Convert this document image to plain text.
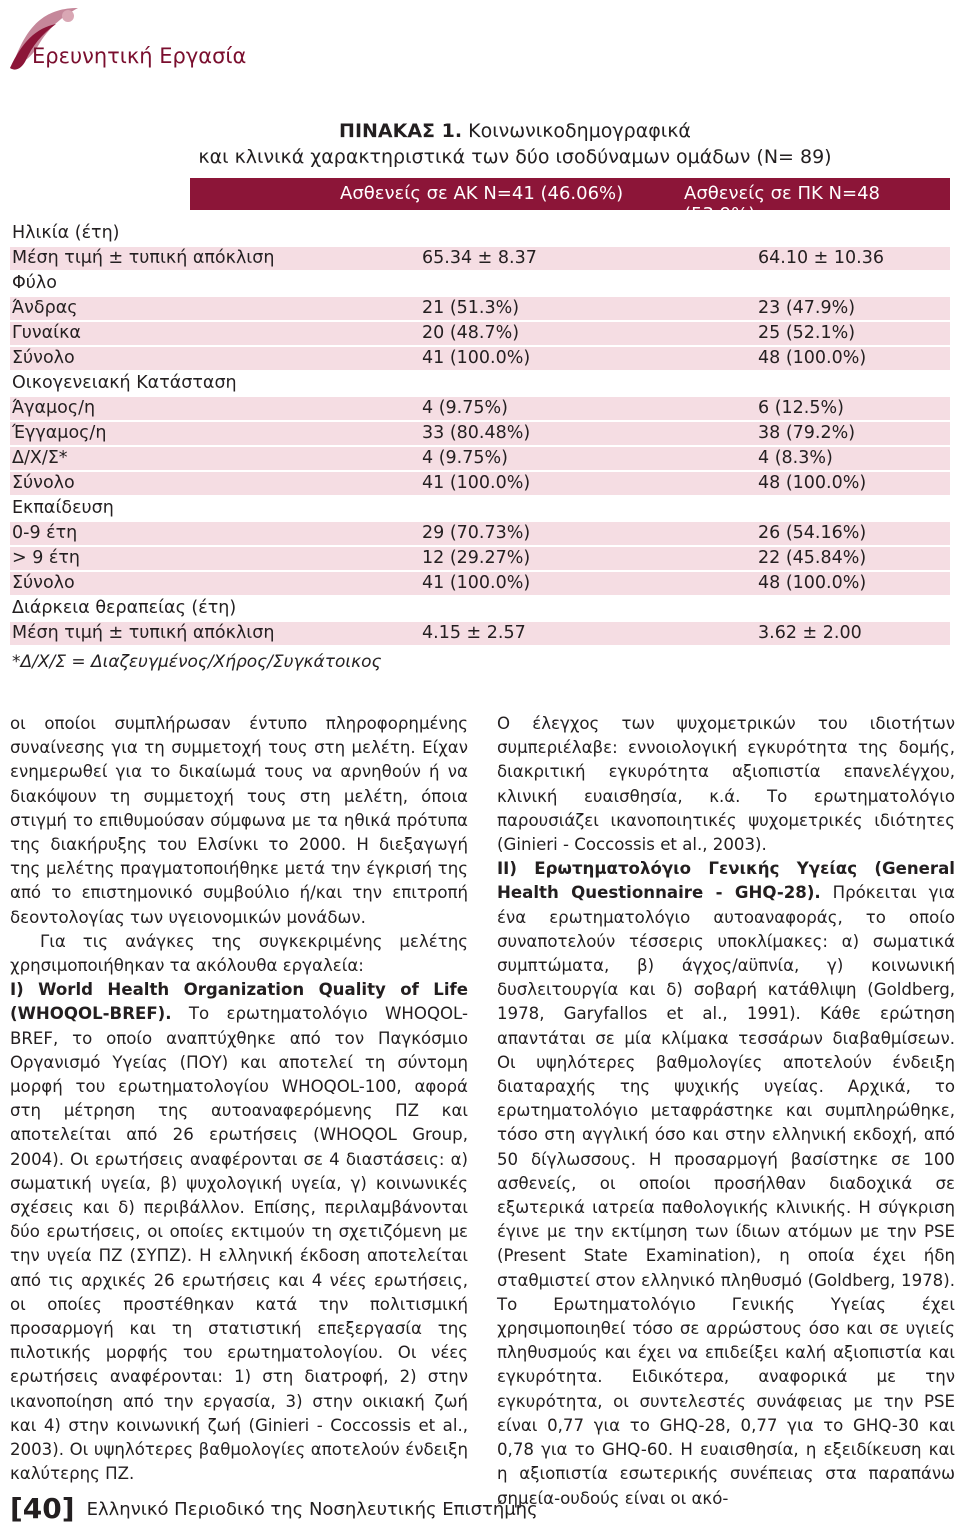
Ερευνητική Εργασία
ΠΙΝΑΚΑΣ 1. Κοινωνικοδημογραφικά
και κλινικά χαρακτηριστικά των δύο ισοδύναμων ομάδων (N= 89)
Ασθενείς σε ΑΚ N=41 (46.06%)	Ασθενείς σε ΠΚ N=48 (53.9%)
Ηλικία (έτη)
Μέση τιμή ± τυπική απόκλιση	65.34 ± 8.37	64.10 ± 10.36
Φύλο
Άνδρας	21 (51.3%)	23 (47.9%)
Γυναίκα	20 (48.7%)	25 (52.1%)
Σύνολο	41 (100.0%)	48 (100.0%)
Οικογενειακή Κατάσταση
Άγαμος/η	4 (9.75%)	6 (12.5%)
Έγγαμος/η	33 (80.48%)	38 (79.2%)
Δ/Χ/Σ*	4 (9.75%)	4 (8.3%)
Σύνολο	41 (100.0%)	48 (100.0%)
Εκπαίδευση
0-9 έτη	29 (70.73%)	26 (54.16%)
> 9 έτη	12 (29.27%)	22 (45.84%)
Σύνολο	41 (100.0%)	48 (100.0%)
Διάρκεια θεραπείας (έτη)
Μέση τιμή ± τυπική απόκλιση	4.15 ± 2.57	3.62 ± 2.00
*Δ/Χ/Σ = Διαζευγμένος/Χήρος/Συγκάτοικος

οι οποίοι συμπλήρωσαν έντυπο πληροφορημένης συναίνεσης για τη συμμετοχή τους στη μελέτη. Είχαν ενημερωθεί για το δικαίωμά τους να αρνηθούν ή να διακόψουν τη συμμετοχή τους στη μελέτη, όποια στιγμή το επιθυμούσαν σύμφωνα με τα ηθικά πρότυπα της διακήρυξης του Ελσίνκι το 2000. Η διεξαγωγή της μελέτης πραγματοποιήθηκε μετά την έγκρισή της από το επιστημονικό συμβούλιο ή/και την επιτροπή δεοντολογίας των υγειονομικών μονάδων.

Για τις ανάγκες της συγκεκριμένης μελέτης χρησιμοποιήθηκαν τα ακόλουθα εργαλεία:

I) World Health Organization Quality of Life (WHOQOL-BREF). Το ερωτηματολόγιο WHOQOL-BREF, το οποίο αναπτύχθηκε από τον Παγκόσμιο Οργανισμό Υγείας (ΠΟΥ) και αποτελεί τη σύντομη μορφή του ερωτηματολογίου WHOQOL-100, αφορά στη μέτρηση της αυτοαναφερόμενης ΠΖ και αποτελείται από 26 ερωτήσεις (WHOQOL Group, 2004). Οι ερωτήσεις αναφέρονται σε 4 διαστάσεις: α) σωματική υγεία, β) ψυχολογική υγεία, γ) κοινωνικές σχέσεις και δ) περιβάλλον. Επίσης, περιλαμβάνονται δύο ερωτήσεις, οι οποίες εκτιμούν τη σχετιζόμενη με την υγεία ΠΖ (ΣΥΠΖ). Η ελληνική έκδοση αποτελείται από τις αρχικές 26 ερωτήσεις και 4 νέες ερωτήσεις, οι οποίες προστέθηκαν κατά την πολιτισμική προσαρμογή και τη στατιστική επεξεργασία της πιλοτικής μορφής του ερωτηματολογίου. Οι νέες ερωτήσεις αναφέρονται: 1) στη διατροφή, 2) στην ικανοποίηση από την εργασία, 3) στην οικιακή ζωή και 4) στην κοινωνική ζωή (Ginieri - Coccossis et al., 2003). Οι υψηλότερες βαθμολογίες αποτελούν ένδειξη καλύτερης ΠΖ.

Ο έλεγχος των ψυχομετρικών του ιδιοτήτων συμπεριέλαβε: εννοιολογική εγκυρότητα της δομής, διακριτική εγκυρότητα αξιοπιστία επανελέγχου, κλινική ευαισθησία, κ.ά. Το ερωτηματολόγιο παρουσιάζει ικανοποιητικές ψυχομετρικές ιδιότητες (Ginieri - Coccossis et al., 2003).

II) Ερωτηματολόγιο Γενικής Υγείας (General Health Questionnaire - GHQ-28). Πρόκειται για ένα ερωτηματολόγιο αυτοαναφοράς, το οποίο συναποτελούν τέσσερις υποκλίμακες: α) σωματικά συμπτώματα, β) άγχος/αϋπνία, γ) κοινωνική δυσλειτουργία και δ) σοβαρή κατάθλιψη (Goldberg, 1978, Garyfallos et al., 1991). Κάθε ερώτηση απαντάται σε μία κλίμακα τεσσάρων διαβαθμίσεων. Οι υψηλότερες βαθμολογίες αποτελούν ένδειξη διαταραχής της ψυχικής υγείας. Αρχικά, το ερωτηματολόγιο μεταφράστηκε και συμπληρώθηκε, τόσο στη αγγλική όσο και στην ελληνική εκδοχή, από 50 δίγλωσσους. Η προσαρμογή βασίστηκε σε 100 ασθενείς, οι οποίοι προσήλθαν διαδοχικά σε εξωτερικά ιατρεία παθολογικής κλινικής. Η σύγκριση έγινε με την εκτίμηση των ίδιων ατόμων με την PSE (Present State Examination), η οποία έχει ήδη σταθμιστεί στον ελληνικό πληθυσμό (Goldberg, 1978). Το Ερωτηματολόγιο Γενικής Υγείας έχει χρησιμοποιηθεί τόσο σε αρρώστους όσο και σε υγιείς πληθυσμούς και έχει να επιδείξει καλή αξιοπιστία και εγκυρότητα. Ειδικότερα, αναφορικά με την εγκυρότητα, οι συντελεστές συνάφειας με την PSE είναι 0,77 για το GHQ-28, 0,77 για το GHQ-30 και 0,78 για το GHQ-60. Η ευαισθησία, η εξειδίκευση και η αξιοπιστία εσωτερικής συνέπειας στα παραπάνω σημεία-ουδούς είναι οι ακό-

[40] Ελληνικό Περιοδικό της Νοσηλευτικής Επιστήμης
